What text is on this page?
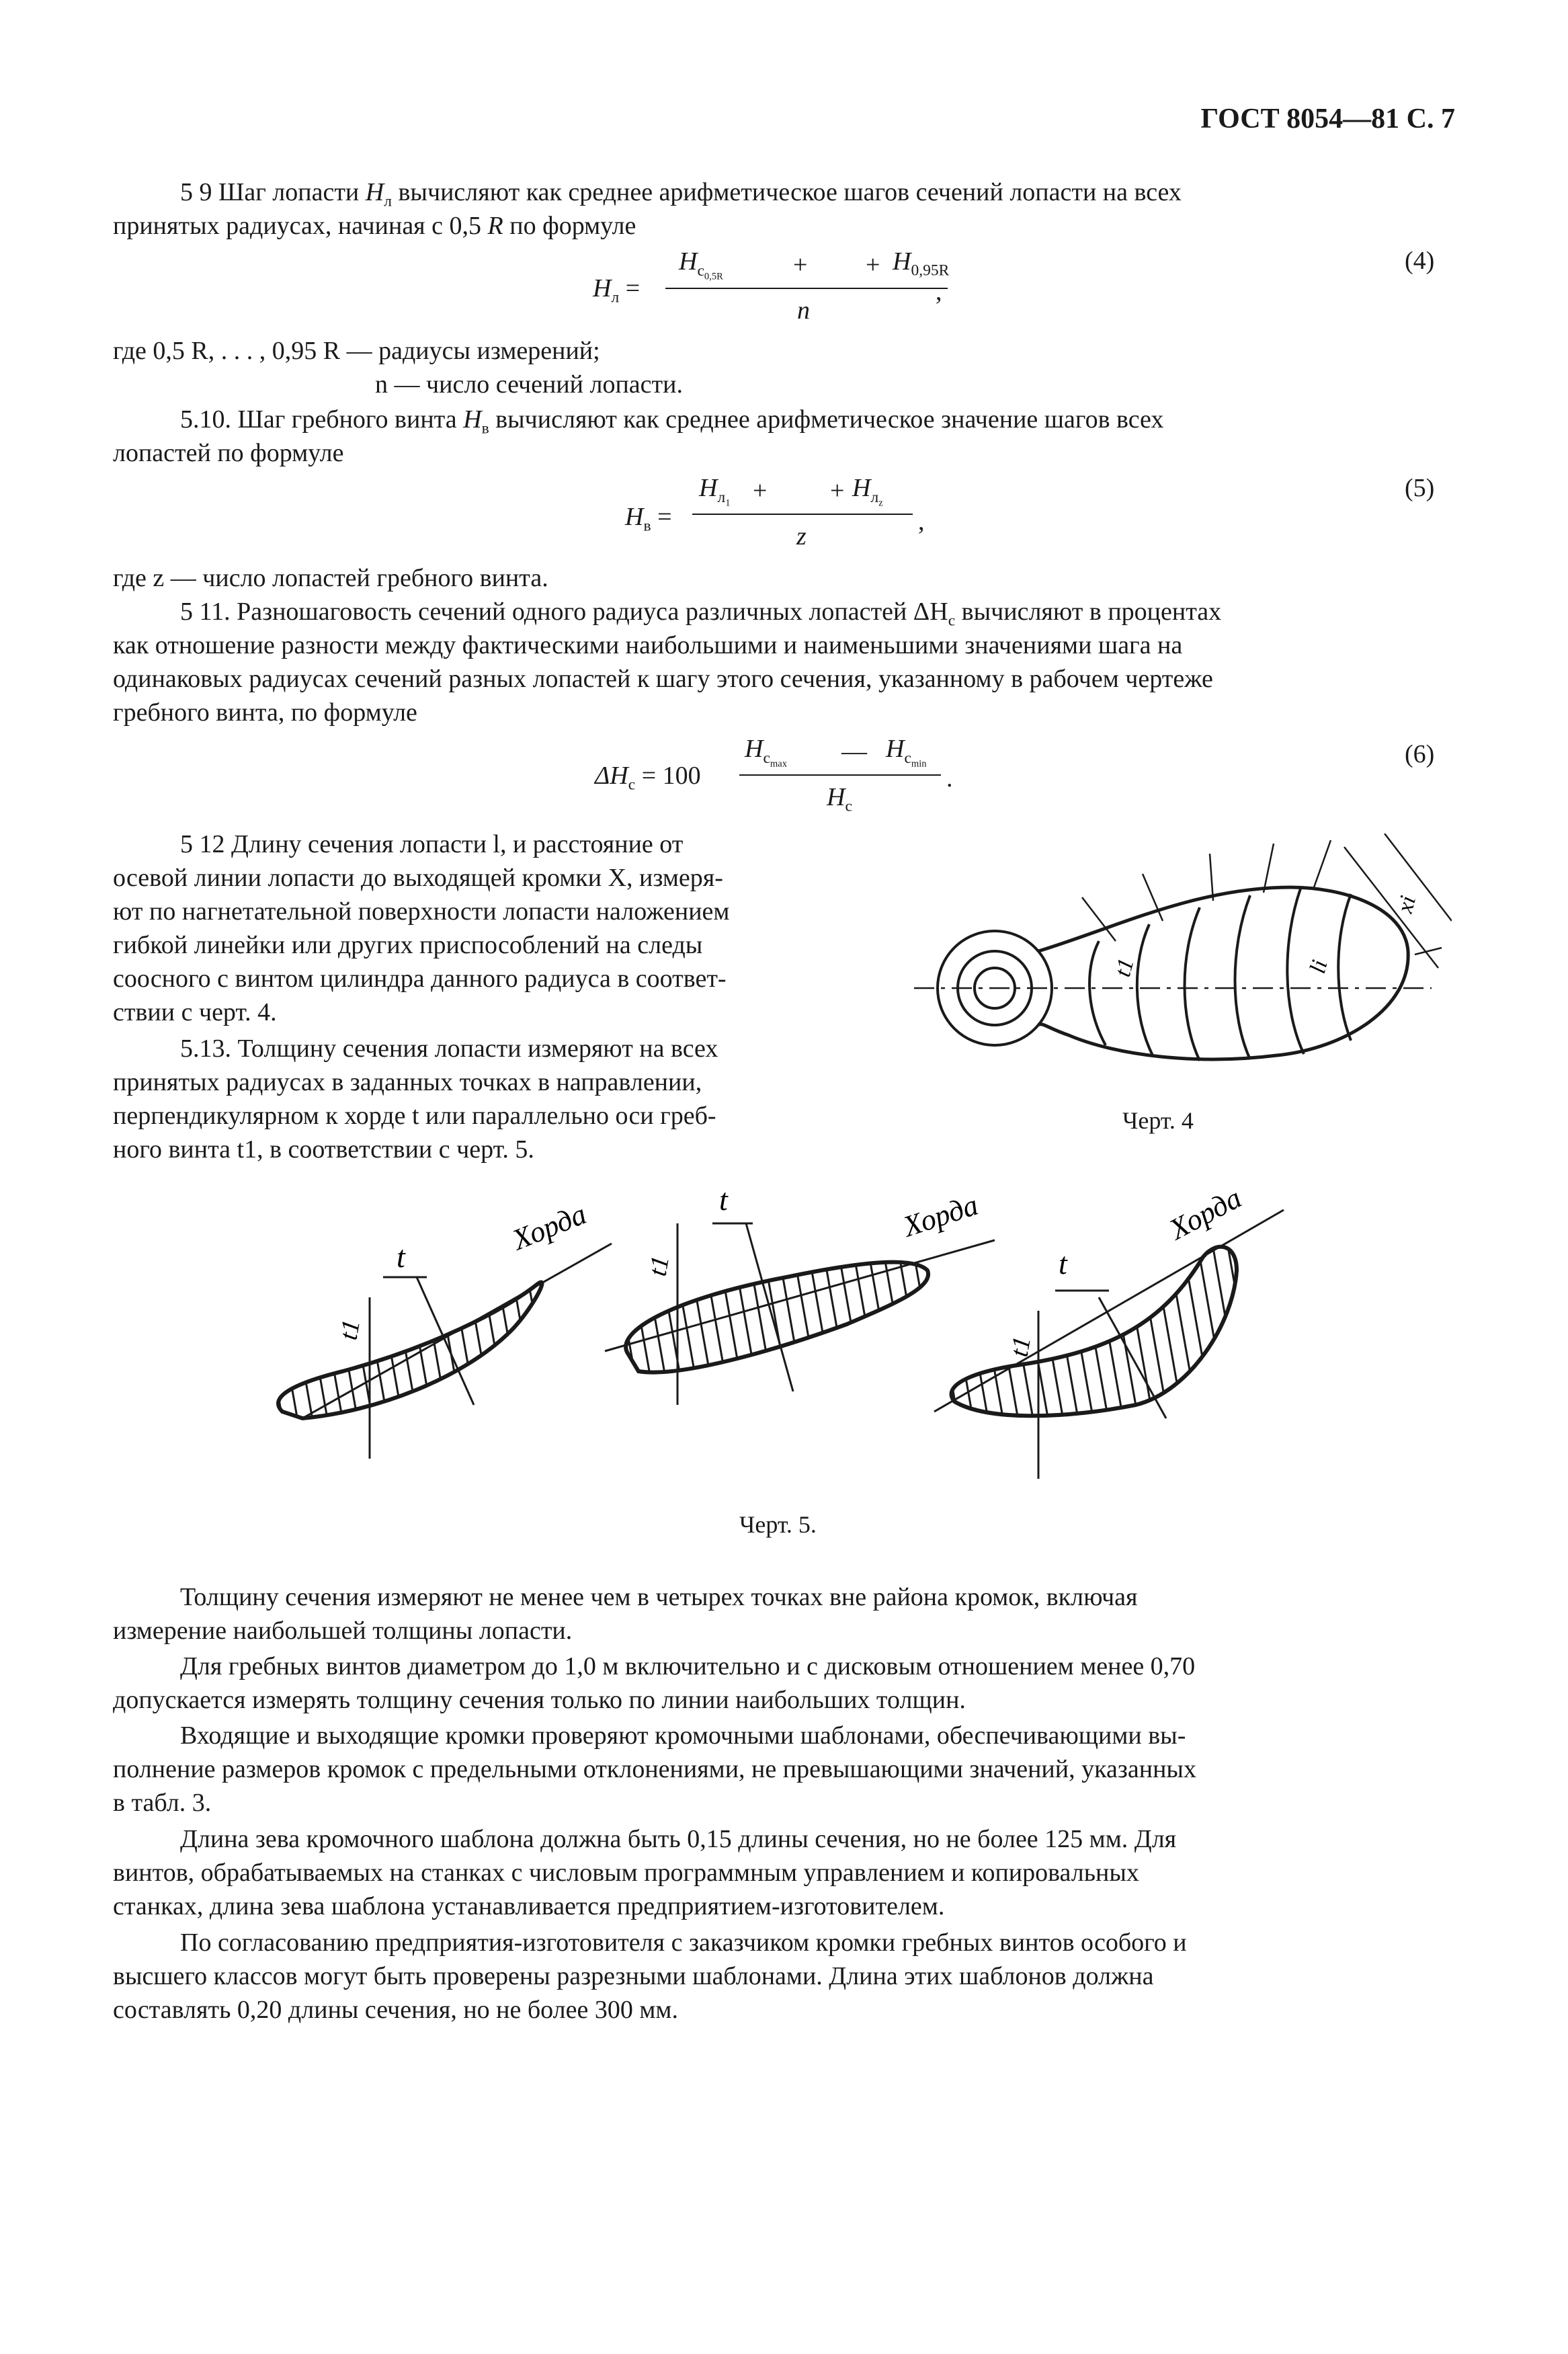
ГОСТ 8054—81 С. 7
5 9 Шаг лопасти $H_л$ вычисляют как среднее арифметическое шагов сечений лопасти на всех
принятых радиусах, начиная с 0,5 R по формуле
$H_л$ =
$H_{c_{0,5R}}$	+ + $H_{0,95R}$
n
,
(4)
где 0,5 R, . . . , 0,95 R — радиусы измерений;
n — число сечений лопасти.
5.10. Шаг гребного винта $H_в$ вычисляют как среднее арифметическое значение шагов всех
лопастей по формуле
$H_в$ =
$H_{л_1}$ + + $H_{л_z}$
z
,
(5)
где z — число лопастей гребного винта.
5 11. Разношаговость сечений одного радиуса различных лопастей $\Delta H_c$ вычисляют в процентах
как отношение разности между фактическими наибольшими и наименьшими значениями шага на
одинаковых радиусах сечений разных лопастей к шагу этого сечения, указанному в рабочем чертеже
гребного винта, по формуле
$\Delta H_c = 100$
$H_{c_{max}}$ — $H_{c_{min}}$
$H_c$
.
(6)
5 12 Длину сечения лопасти l, и расстояние от
осевой линии лопасти до выходящей кромки X, измеря-
ют по нагнетательной поверхности лопасти наложением
гибкой линейки или других приспособлений на следы
соосного с винтом цилиндра данного радиуса в соответ-
ствии с черт. 4.
5.13. Толщину сечения лопасти измеряют на всех
принятых радиусах в заданных точках в направлении,
перпендикулярном к хорде t или параллельно оси греб-
ного винта t1, в соответствии с черт. 5.
t1	li
xi
Черт. 4
t
t1
Хорда	t
t1
Хорда
t
t1
Хорда
Черт. 5.
Толщину сечения измеряют не менее чем в четырех точках вне района кромок, включая
измерение наибольшей толщины лопасти.
Для гребных винтов диаметром до 1,0 м включительно и с дисковым отношением менее 0,70
допускается измерять толщину сечения только по линии наибольших толщин.
Входящие и выходящие кромки проверяют кромочными шаблонами, обеспечивающими вы-
полнение размеров кромок с предельными отклонениями, не превышающими значений, указанных
в табл. 3.
Длина зева кромочного шаблона должна быть 0,15 длины сечения, но не более 125 мм. Для
винтов, обрабатываемых на станках с числовым программным управлением и копировальных
станках, длина зева шаблона устанавливается предприятием-изготовителем.
По согласованию предприятия-изготовителя с заказчиком кромки гребных винтов особого и
высшего классов могут быть проверены разрезными шаблонами. Длина этих шаблонов должна
составлять 0,20 длины сечения, но не более 300 мм.
